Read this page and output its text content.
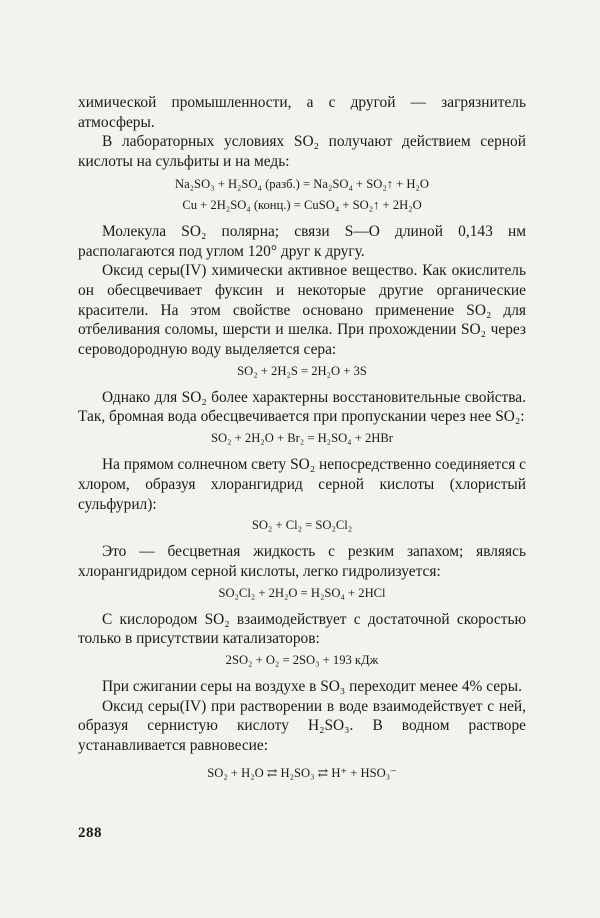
химической промышленности, а с другой — загрязнитель атмосферы.

В лабораторных условиях SO₂ получают действием серной кислоты на сульфиты и на медь:

Na₂SO₃ + H₂SO₄ (разб.) = Na₂SO₄ + SO₂↑ + H₂O
Cu + 2H₂SO₄ (конц.) = CuSO₄ + SO₂↑ + 2H₂O

Молекула SO₂ полярна; связи S—O длиной 0,143 нм располагаются под углом 120° друг к другу.

Оксид серы(IV) химически активное вещество. Как окислитель он обесцвечивает фуксин и некоторые другие органические красители. На этом свойстве основано применение SO₂ для отбеливания соломы, шерсти и шелка. При прохождении SO₂ через сероводородную воду выделяется сера:

SO₂ + 2H₂S = 2H₂O + 3S

Однако для SO₂ более характерны восстановительные свойства. Так, бромная вода обесцвечивается при пропускании через нее SO₂:

SO₂ + 2H₂O + Br₂ = H₂SO₄ + 2HBr

На прямом солнечном свету SO₂ непосредственно соединяется с хлором, образуя хлорангидрид серной кислоты (хлористый сульфурил):

SO₂ + Cl₂ = SO₂Cl₂

Это — бесцветная жидкость с резким запахом; являясь хлорангидридом серной кислоты, легко гидролизуется:

SO₂Cl₂ + 2H₂O = H₂SO₄ + 2HCl

С кислородом SO₂ взаимодействует с достаточной скоростью только в присутствии катализаторов:

2SO₂ + O₂ = 2SO₃ + 193 кДж

При сжигании серы на воздухе в SO₃ переходит менее 4% серы.

Оксид серы(IV) при растворении в воде взаимодействует с ней, образуя сернистую кислоту H₂SO₃. В водном растворе устанавливается равновесие:

SO₂ + H₂O ⇄ H₂SO₃ ⇄ H⁺ + HSO₃⁻
288
